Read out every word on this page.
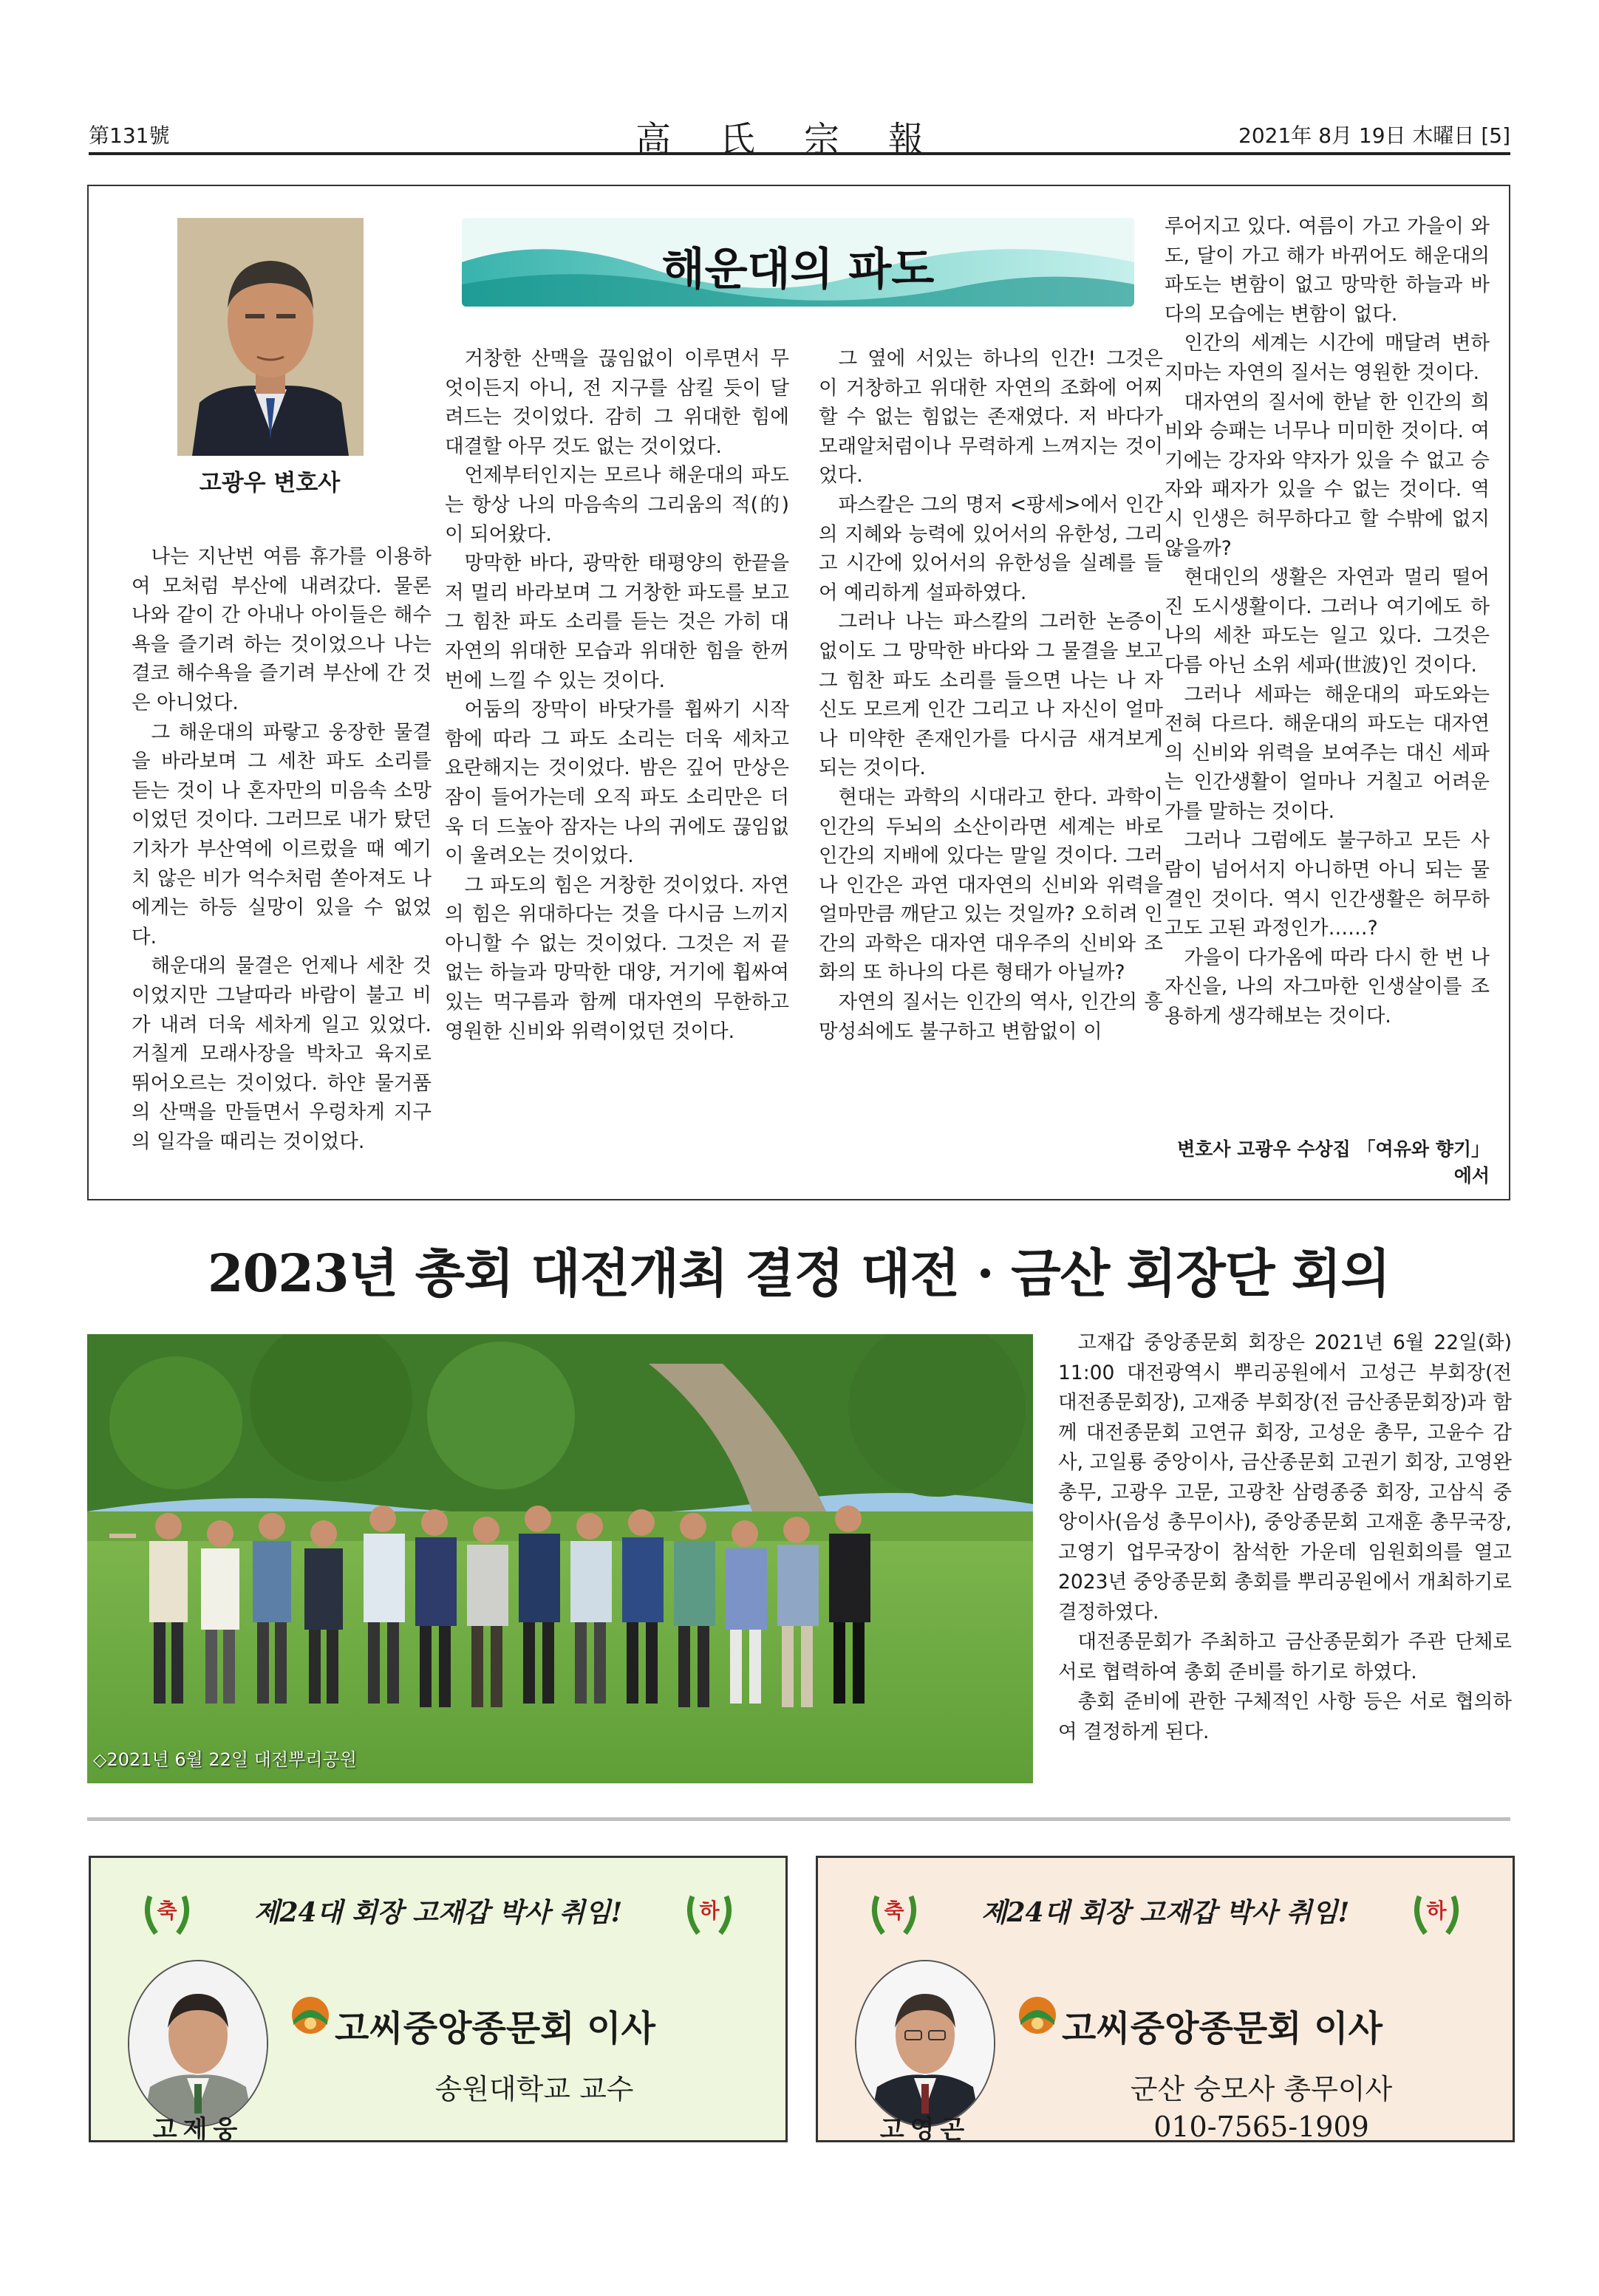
第131號	高氏宗報	2021年 8月 19日 木曜日 [5]
고광우 변호사
해운대의 파도

나는 지난번 여름 휴가를 이용하여 모처럼 부산에 내려갔다. 물론 나와 같이 간 아내나 아이들은 해수욕을 즐기려 하는 것이었으나 나는 결코 해수욕을 즐기려 부산에 간 것은 아니었다.

그 해운대의 파랗고 웅장한 물결을 바라보며 그 세찬 파도 소리를 듣는 것이 나 혼자만의 미음속 소망이었던 것이다. 그러므로 내가 탔던 기차가 부산역에 이르렀을 때 예기치 않은 비가 억수처럼 쏟아져도 나에게는 하등 실망이 있을 수 없었다.

해운대의 물결은 언제나 세찬 것이었지만 그날따라 바람이 불고 비가 내려 더욱 세차게 일고 있었다. 거칠게 모래사장을 박차고 육지로 뛰어오르는 것이었다. 하얀 물거품의 산맥을 만들면서 우렁차게 지구의 일각을 때리는 것이었다.

거창한 산맥을 끊임없이 이루면서 무엇이든지 아니, 전 지구를 삼킬 듯이 달려드는 것이었다. 감히 그 위대한 힘에 대결할 아무 것도 없는 것이었다.

언제부터인지는 모르나 해운대의 파도는 항상 나의 마음속의 그리움의 적(的)이 되어왔다.

망막한 바다, 광막한 태평양의 한끝을 저 멀리 바라보며 그 거창한 파도를 보고 그 힘찬 파도 소리를 듣는 것은 가히 대자연의 위대한 모습과 위대한 힘을 한꺼번에 느낄 수 있는 것이다.

어둠의 장막이 바닷가를 휩싸기 시작함에 따라 그 파도 소리는 더욱 세차고 요란해지는 것이었다. 밤은 깊어 만상은 잠이 들어가는데 오직 파도 소리만은 더욱 더 드높아 잠자는 나의 귀에도 끊임없이 울려오는 것이었다.

그 파도의 힘은 거창한 것이었다. 자연의 힘은 위대하다는 것을 다시금 느끼지 아니할 수 없는 것이었다. 그것은 저 끝없는 하늘과 망막한 대양, 거기에 휩싸여 있는 먹구름과 함께 대자연의 무한하고 영원한 신비와 위력이었던 것이다.

그 옆에 서있는 하나의 인간! 그것은 이 거창하고 위대한 자연의 조화에 어찌할 수 없는 힘없는 존재였다. 저 바다가 모래알처럼이나 무력하게 느껴지는 것이었다.

파스칼은 그의 명저 <팡세>에서 인간의 지혜와 능력에 있어서의 유한성, 그리고 시간에 있어서의 유한성을 실례를 들어 예리하게 설파하였다.

그러나 나는 파스칼의 그러한 논증이 없이도 그 망막한 바다와 그 물결을 보고 그 힘찬 파도 소리를 들으면 나는 나 자신도 모르게 인간 그리고 나 자신이 얼마나 미약한 존재인가를 다시금 새겨보게 되는 것이다.

현대는 과학의 시대라고 한다. 과학이 인간의 두뇌의 소산이라면 세계는 바로 인간의 지배에 있다는 말일 것이다. 그러나 인간은 과연 대자연의 신비와 위력을 얼마만큼 깨닫고 있는 것일까? 오히려 인간의 과학은 대자연 대우주의 신비와 조화의 또 하나의 다른 형태가 아닐까?

자연의 질서는 인간의 역사, 인간의 흥망성쇠에도 불구하고 변함없이 이

루어지고 있다. 여름이 가고 가을이 와도, 달이 가고 해가 바뀌어도 해운대의 파도는 변함이 없고 망막한 하늘과 바다의 모습에는 변함이 없다.

인간의 세계는 시간에 매달려 변하지마는 자연의 질서는 영원한 것이다.

대자연의 질서에 한낱 한 인간의 희비와 승패는 너무나 미미한 것이다. 여기에는 강자와 약자가 있을 수 없고 승자와 패자가 있을 수 없는 것이다. 역시 인생은 허무하다고 할 수밖에 없지 않을까?

현대인의 생활은 자연과 멀리 떨어진 도시생활이다. 그러나 여기에도 하나의 세찬 파도는 일고 있다. 그것은 다름 아닌 소위 세파(世波)인 것이다.

그러나 세파는 해운대의 파도와는 전혀 다르다. 해운대의 파도는 대자연의 신비와 위력을 보여주는 대신 세파는 인간생활이 얼마나 거칠고 어려운가를 말하는 것이다.

그러나 그럼에도 불구하고 모든 사람이 넘어서지 아니하면 아니 되는 물결인 것이다. 역시 인간생활은 허무하고도 고된 과정인가……?

가을이 다가옴에 따라 다시 한 번 나자신을, 나의 자그마한 인생살이를 조용하게 생각해보는 것이다.

변호사 고광우 수상집 「여유와 향기」에서
2023년 총회 대전개최 결정 대전 · 금산 회장단 회의
◇2021년 6월 22일 대전뿌리공원

고재갑 중앙종문회 회장은 2021년 6월 22일(화) 11:00 대전광역시 뿌리공원에서 고성근 부회장(전 대전종문회장), 고재중 부회장(전 금산종문회장)과 함께 대전종문회 고연규 회장, 고성운 총무, 고윤수 감사, 고일룡 중앙이사, 금산종문회 고권기 회장, 고영완 총무, 고광우 고문, 고광찬 삼령종중 회장, 고삼식 중앙이사(음성 총무이사), 중앙종문회 고재훈 총무국장, 고영기 업무국장이 참석한 가운데 임원회의를 열고 2023년 중앙종문회 총회를 뿌리공원에서 개최하기로 결정하였다.

대전종문회가 주최하고 금산종문회가 주관 단체로 서로 협력하여 총회 준비를 하기로 하였다.

총회 준비에 관한 구체적인 사항 등은 서로 협의하여 결정하게 된다.

축	하
제24대 회장 고재갑 박사 취임!
고제웅
고씨중앙종문회 이사
송원대학교 교수
축	하
제24대 회장 고재갑 박사 취임!
고영곤
고씨중앙종문회 이사
군산 숭모사 총무이사
010-7565-1909
